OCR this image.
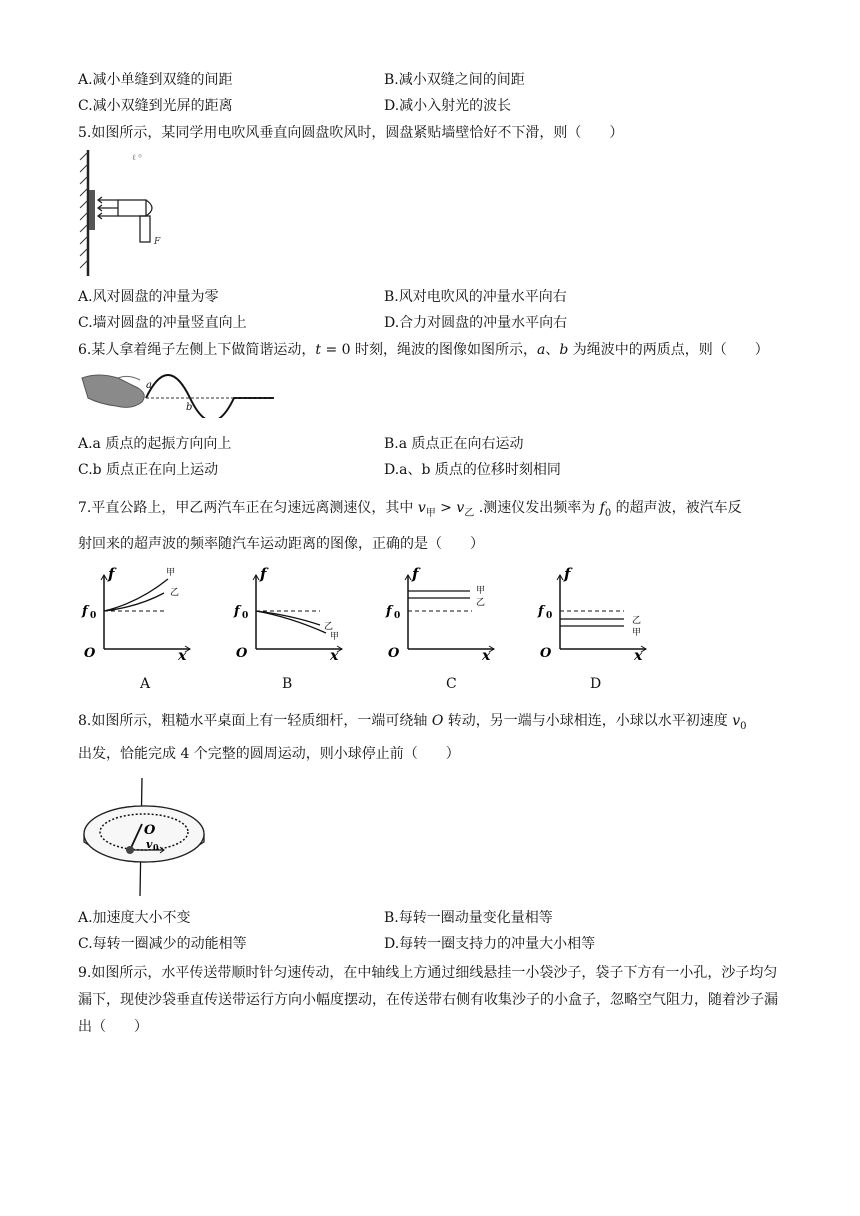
A.减小单缝到双缝的间距	B.减小双缝之间的间距
C.减小双缝到光屏的距离	D.减小入射光的波长
5.如图所示，某同学用电吹风垂直向圆盘吹风时，圆盘紧贴墙壁恰好不下滑，则（　　）
F
ℓ ⁰
A.风对圆盘的冲量为零	B.风对电吹风的冲量水平向右
C.墙对圆盘的冲量竖直向上	D.合力对圆盘的冲量水平向右
6.某人拿着绳子左侧上下做简谐运动，t = 0 时刻，绳波的图像如图所示，a、b 为绳波中的两质点，则（　　）
a
b
A.a 质点的起振方向向上	B.a 质点正在向右运动
C.b 质点正在向上运动	D.a、b 质点的位移时刻相同
7.平直公路上，甲乙两汽车正在匀速远离测速仪，其中 $v_甲 > v_乙$ .测速仪发出频率为 $f_0$ 的超声波，被汽车反
射回来的超声波的频率随汽车运动距离的图像，正确的是（　　）
f
f 0
O	x
甲
乙
f
f 0
O	x
乙
甲
f
f 0
O	x
甲
乙
f
f 0
O	x
乙
甲
A	B	C	D
8.如图所示，粗糙水平桌面上有一轻质细杆，一端可绕轴 O 转动，另一端与小球相连，小球以水平初速度 $v_0$
出发，恰能完成 4 个完整的圆周运动，则小球停止前（　　）
O
v 0
A.加速度大小不变	B.每转一圈动量变化量相等
C.每转一圈减少的动能相等	D.每转一圈支持力的冲量大小相等
9.如图所示，水平传送带顺时针匀速传动，在中轴线上方通过细线悬挂一小袋沙子，袋子下方有一小孔，沙子均匀漏下，现使沙袋垂直传送带运行方向小幅度摆动，在传送带右侧有收集沙子的小盒子，忽略空气阻力，随着沙子漏出（　　）
